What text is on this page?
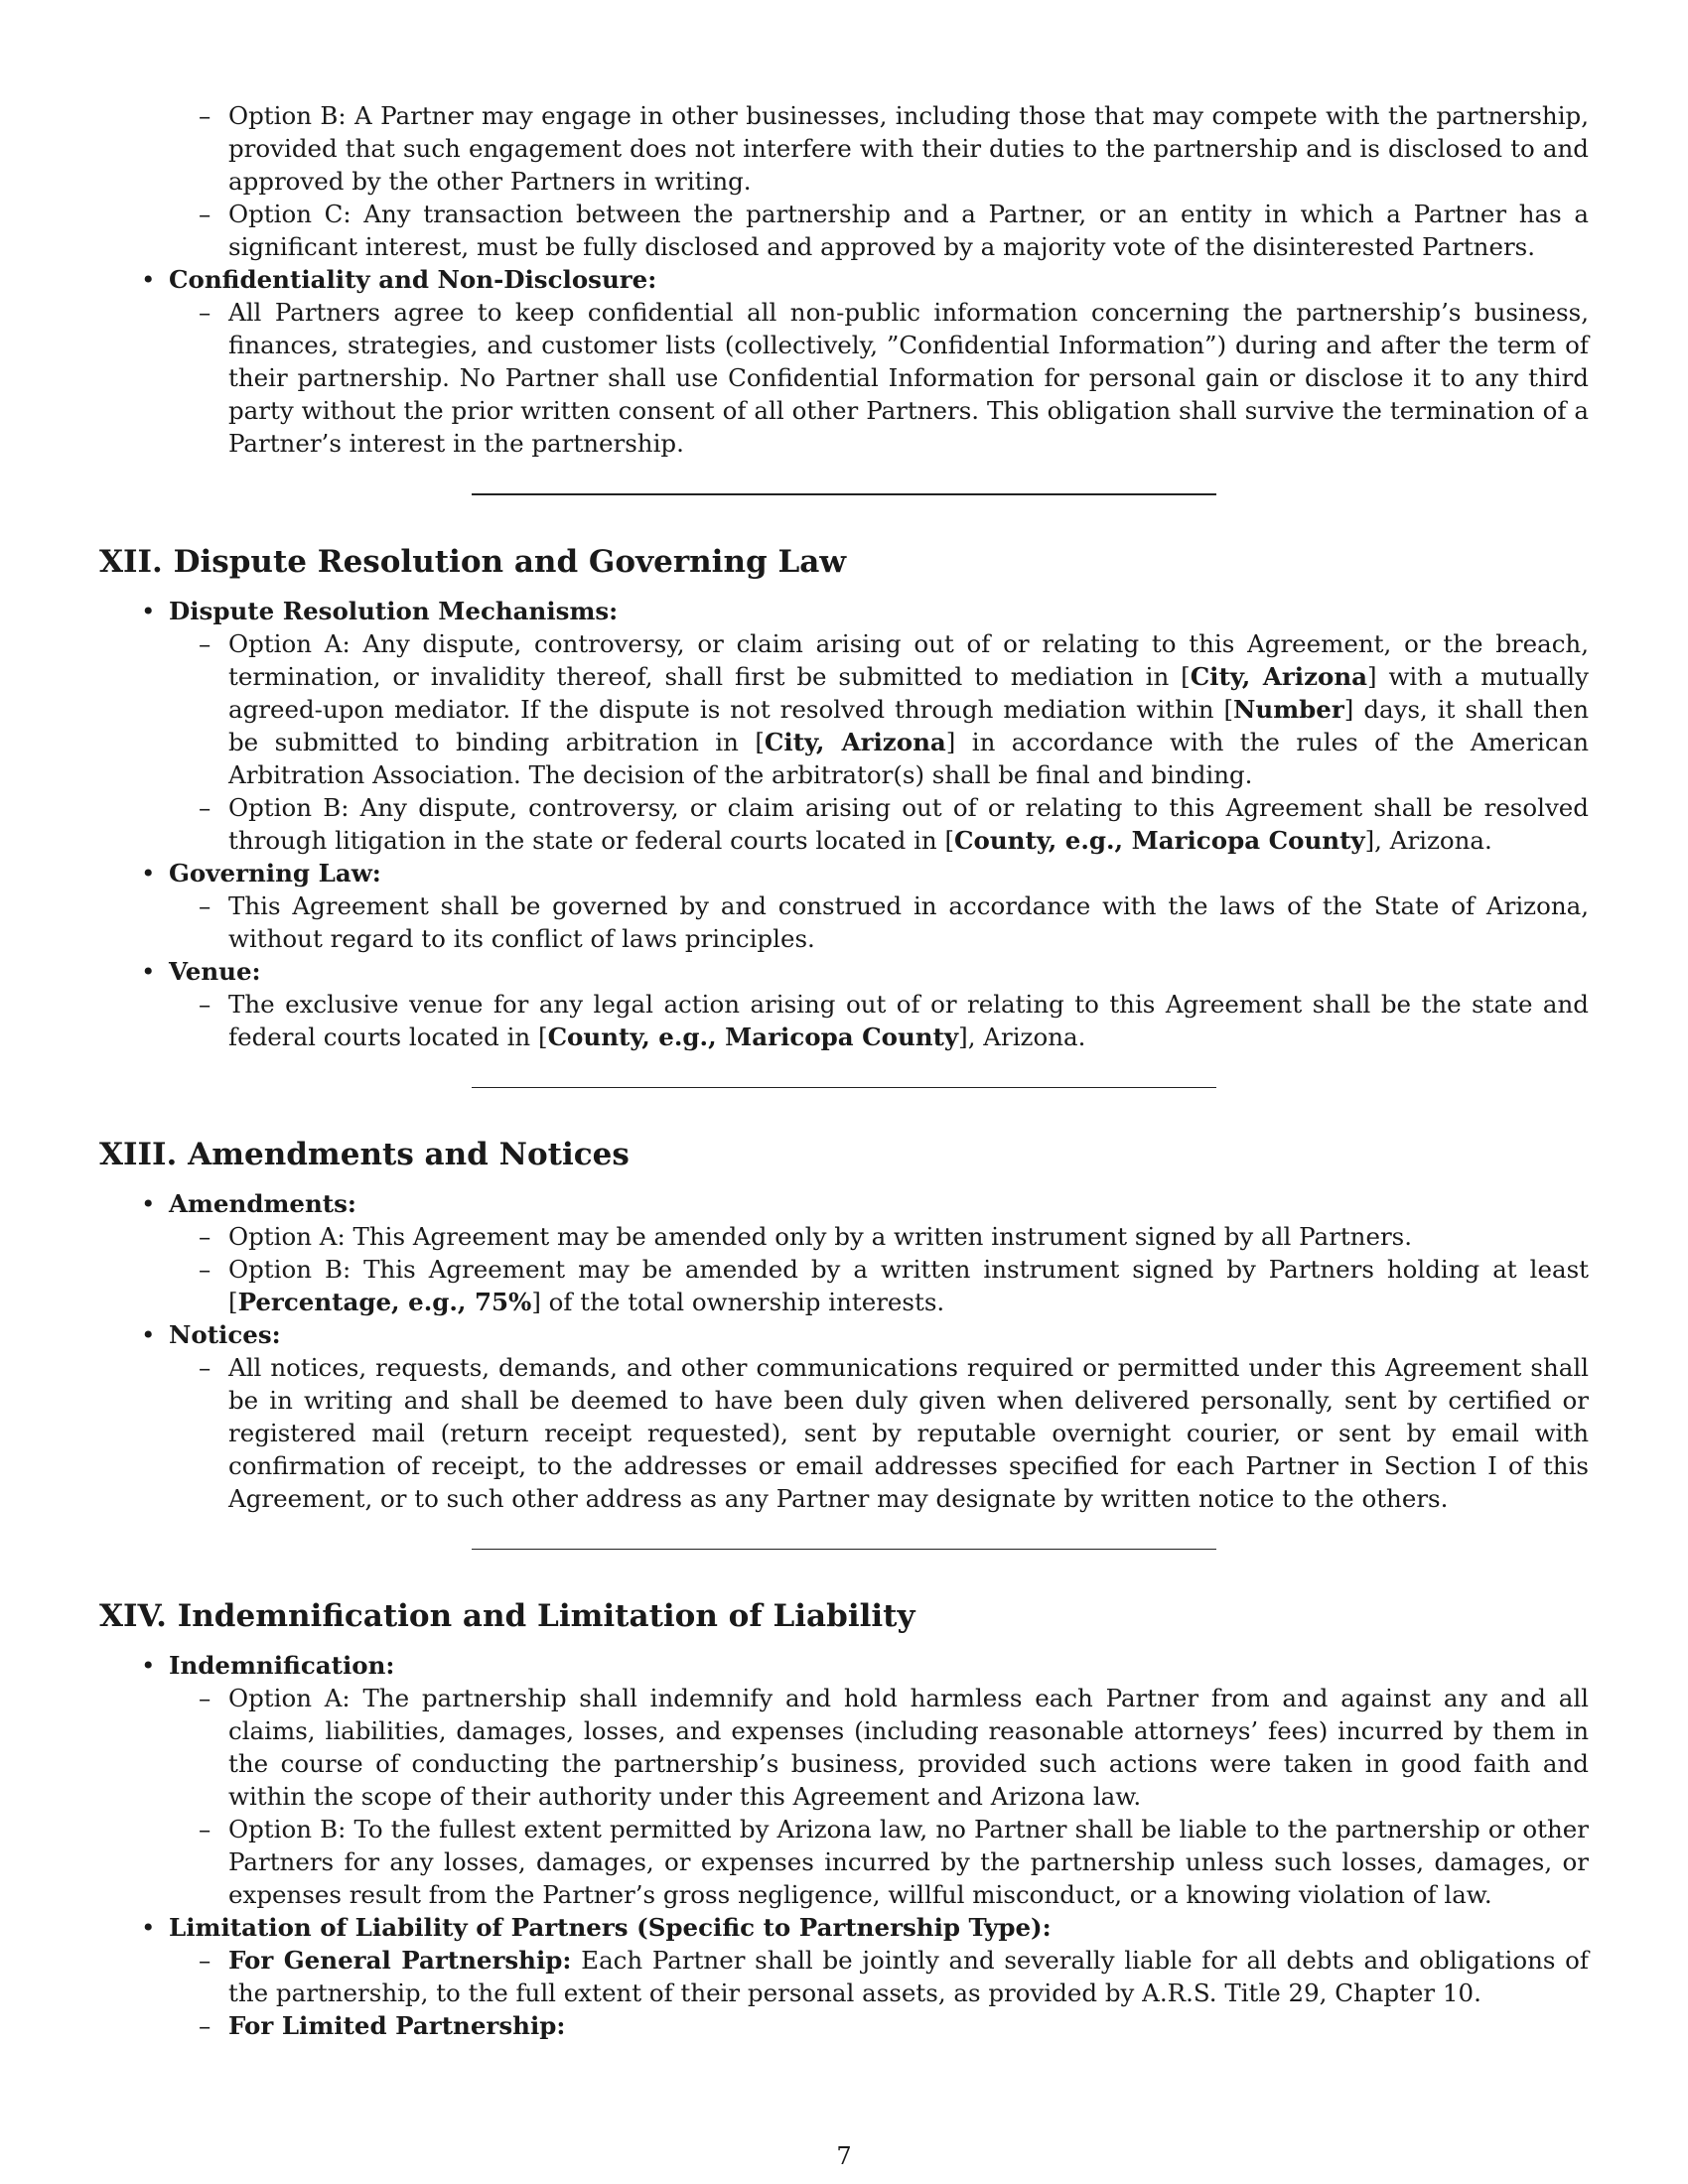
– Option B: A Partner may engage in other businesses, including those that may compete with the partnership, provided that such engagement does not interfere with their duties to the partnership and is disclosed to and approved by the other Partners in writing.
– Option C: Any transaction between the partnership and a Partner, or an entity in which a Partner has a significant interest, must be fully disclosed and approved by a majority vote of the disinterested Partners.
• Confidentiality and Non-Disclosure:
– All Partners agree to keep confidential all non-public information concerning the partnership’s business, finances, strategies, and customer lists (collectively, ”Confidential Information”) during and after the term of their partnership. No Partner shall use Confidential Information for personal gain or disclose it to any third party without the prior written consent of all other Partners. This obligation shall survive the termination of a Partner’s interest in the partnership.
XII. Dispute Resolution and Governing Law
• Dispute Resolution Mechanisms:
– Option A: Any dispute, controversy, or claim arising out of or relating to this Agreement, or the breach, termination, or invalidity thereof, shall first be submitted to mediation in [City, Arizona] with a mutually agreed-upon mediator. If the dispute is not resolved through mediation within [Number] days, it shall then be submitted to binding arbitration in [City, Arizona] in accordance with the rules of the American Arbitration Association. The decision of the arbitrator(s) shall be final and binding.
– Option B: Any dispute, controversy, or claim arising out of or relating to this Agreement shall be resolved through litigation in the state or federal courts located in [County, e.g., Maricopa County], Arizona.
• Governing Law:
– This Agreement shall be governed by and construed in accordance with the laws of the State of Arizona, without regard to its conflict of laws principles.
• Venue:
– The exclusive venue for any legal action arising out of or relating to this Agreement shall be the state and federal courts located in [County, e.g., Maricopa County], Arizona.
XIII. Amendments and Notices
• Amendments:
– Option A: This Agreement may be amended only by a written instrument signed by all Partners.
– Option B: This Agreement may be amended by a written instrument signed by Partners holding at least [Percentage, e.g., 75%] of the total ownership interests.
• Notices:
– All notices, requests, demands, and other communications required or permitted under this Agreement shall be in writing and shall be deemed to have been duly given when delivered personally, sent by certified or registered mail (return receipt requested), sent by reputable overnight courier, or sent by email with confirmation of receipt, to the addresses or email addresses specified for each Partner in Section I of this Agreement, or to such other address as any Partner may designate by written notice to the others.
XIV. Indemnification and Limitation of Liability
• Indemnification:
– Option A: The partnership shall indemnify and hold harmless each Partner from and against any and all claims, liabilities, damages, losses, and expenses (including reasonable attorneys’ fees) incurred by them in the course of conducting the partnership’s business, provided such actions were taken in good faith and within the scope of their authority under this Agreement and Arizona law.
– Option B: To the fullest extent permitted by Arizona law, no Partner shall be liable to the partnership or other Partners for any losses, damages, or expenses incurred by the partnership unless such losses, damages, or expenses result from the Partner’s gross negligence, willful misconduct, or a knowing violation of law.
• Limitation of Liability of Partners (Specific to Partnership Type):
– For General Partnership: Each Partner shall be jointly and severally liable for all debts and obligations of the partnership, to the full extent of their personal assets, as provided by A.R.S. Title 29, Chapter 10.
– For Limited Partnership:
7
